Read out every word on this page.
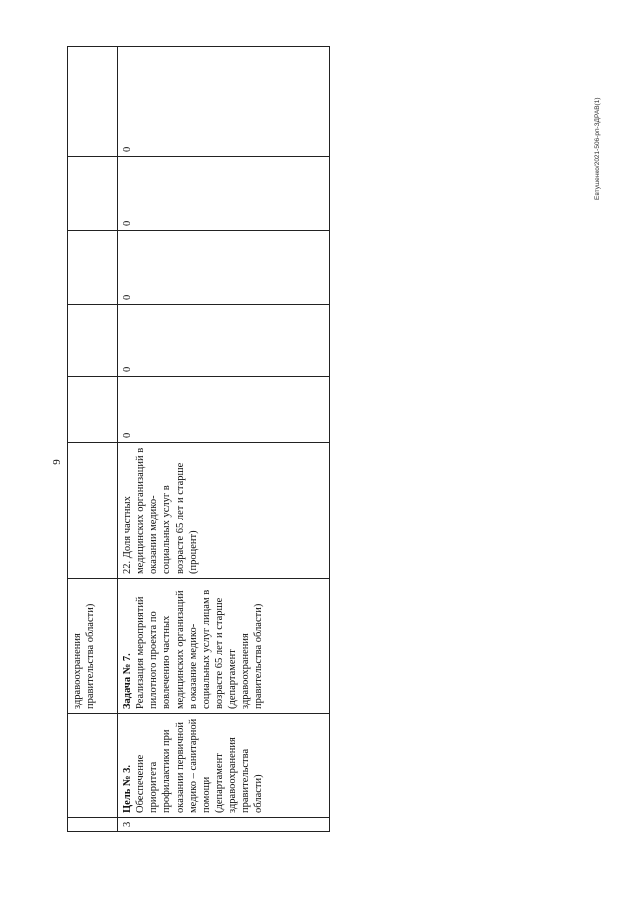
9
Евтушенко/2021-506-рп-ЗДРАВ(1)
		здравоохранения правительства области)						
3	Цель № 3. Обеспечение приоритета профилактики при оказании первичной медико – санитарной помощи (департамент здравоохранения правительства области)	Задача № 7. Реализация мероприятий пилотного проекта по вовлечению частных медицинских организаций в оказание медико-социальных услуг лицам в возрасте 65 лет и старше (департамент здравоохранения правительства области)	22. Доля частных медицинских организаций в оказании медико-социальных услуг в возрасте 65 лет и старше (процент)	0	0	0	0	0
